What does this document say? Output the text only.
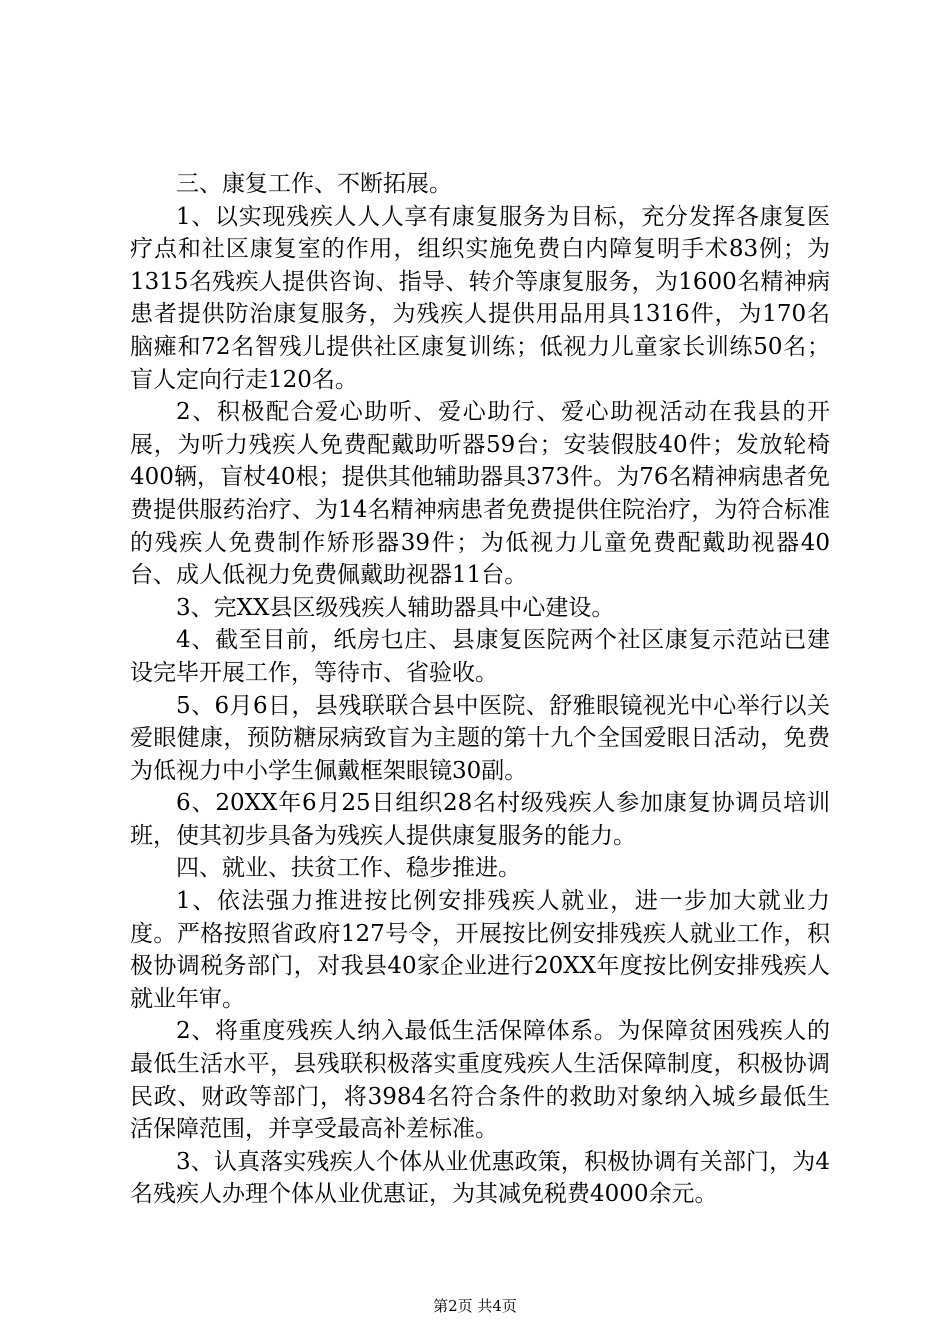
三、康复工作、不断拓展。

1、以实现残疾人人人享有康复服务为目标，充分发挥各康复医疗点和社区康复室的作用，组织实施免费白内障复明手术83例；为1315名残疾人提供咨询、指导、转介等康复服务，为1600名精神病患者提供防治康复服务，为残疾人提供用品用具1316件，为170名脑瘫和72名智残儿提供社区康复训练；低视力儿童家长训练50名；盲人定向行走120名。

2、积极配合爱心助听、爱心助行、爱心助视活动在我县的开展，为听力残疾人免费配戴助听器59台；安装假肢40件；发放轮椅400辆，盲杖40根；提供其他辅助器具373件。为76名精神病患者免费提供服药治疗、为14名精神病患者免费提供住院治疗，为符合标准的残疾人免费制作矫形器39件；为低视力儿童免费配戴助视器40台、成人低视力免费佩戴助视器11台。

3、完XX县区级残疾人辅助器具中心建设。

4、截至目前，纸房乜庄、县康复医院两个社区康复示范站已建设完毕开展工作，等待市、省验收。

5、6月6日，县残联联合县中医院、舒雅眼镜视光中心举行以关爱眼健康，预防糖尿病致盲为主题的第十九个全国爱眼日活动，免费为低视力中小学生佩戴框架眼镜30副。

6、20XX年6月25日组织28名村级残疾人参加康复协调员培训班，使其初步具备为残疾人提供康复服务的能力。

四、就业、扶贫工作、稳步推进。

1、依法强力推进按比例安排残疾人就业，进一步加大就业力度。严格按照省政府127号令，开展按比例安排残疾人就业工作，积极协调税务部门，对我县40家企业进行20XX年度按比例安排残疾人就业年审。

2、将重度残疾人纳入最低生活保障体系。为保障贫困残疾人的最低生活水平，县残联积极落实重度残疾人生活保障制度，积极协调民政、财政等部门，将3984名符合条件的救助对象纳入城乡最低生活保障范围，并享受最高补差标准。

3、认真落实残疾人个体从业优惠政策，积极协调有关部门，为4名残疾人办理个体从业优惠证，为其减免税费4000余元。

第2页 共4页
